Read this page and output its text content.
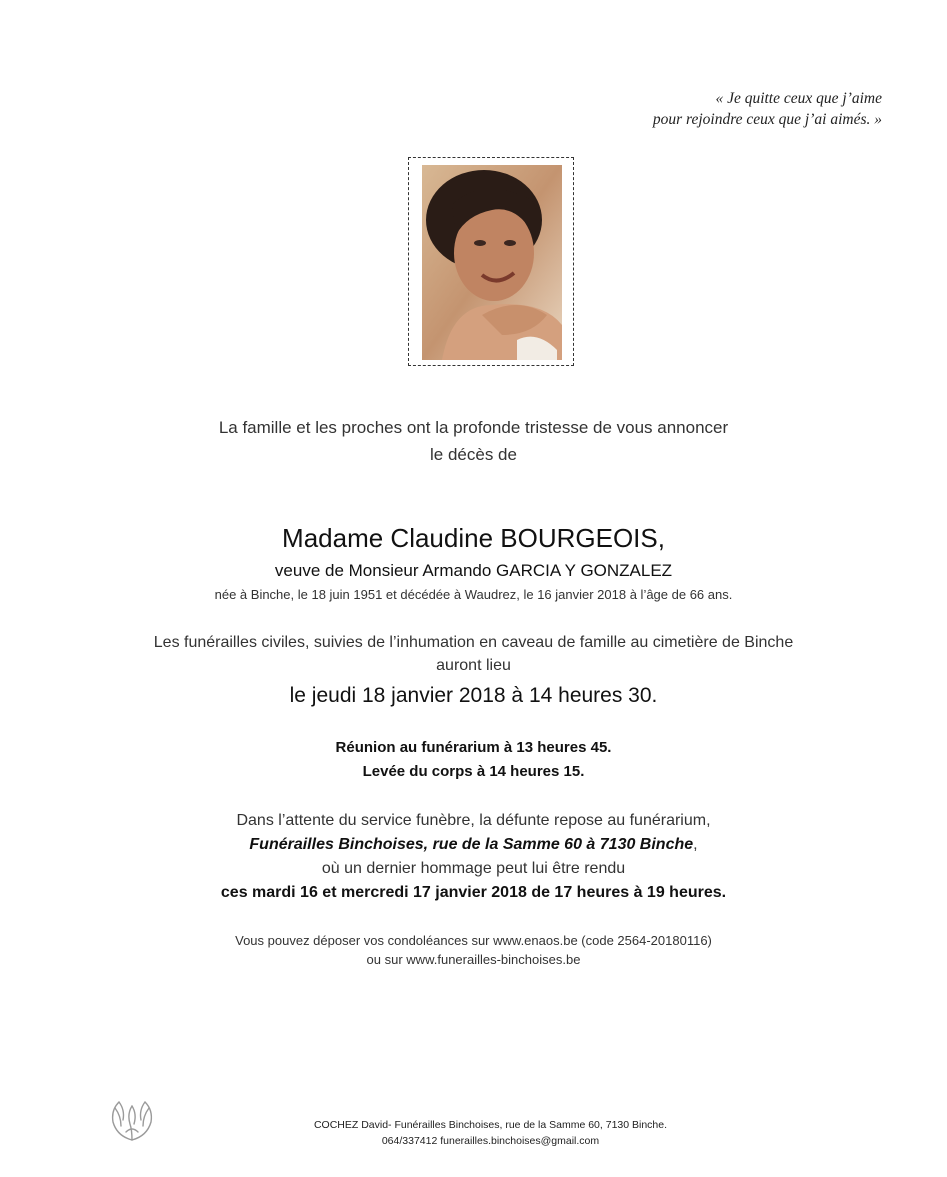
« Je quitte ceux que j’aime
pour rejoindre ceux que j’ai aimés. »
La famille et les proches ont la profonde tristesse de vous annoncer
le décès de
Madame Claudine BOURGEOIS,
veuve de Monsieur Armando GARCIA Y GONZALEZ
née à Binche, le 18 juin 1951 et décédée à Waudrez, le 16 janvier 2018 à l’âge de 66 ans.
Les funérailles civiles, suivies de l’inhumation en caveau de famille au cimetière de Binche
auront lieu
le jeudi 18 janvier 2018 à 14 heures 30.
Réunion au funérarium à 13 heures 45.
Levée du corps à 14 heures 15.
Dans l’attente du service funèbre, la défunte repose au funérarium,
Funérailles Binchoises, rue de la Samme 60 à 7130 Binche,
où un dernier hommage peut lui être rendu
ces mardi 16 et mercredi 17 janvier 2018 de 17 heures à 19 heures.
Vous pouvez déposer vos condoléances sur www.enaos.be (code 2564-20180116)
ou sur www.funerailles-binchoises.be
COCHEZ David- Funérailles Binchoises, rue de la Samme 60, 7130 Binche.
064/337412 funerailles.binchoises@gmail.com
